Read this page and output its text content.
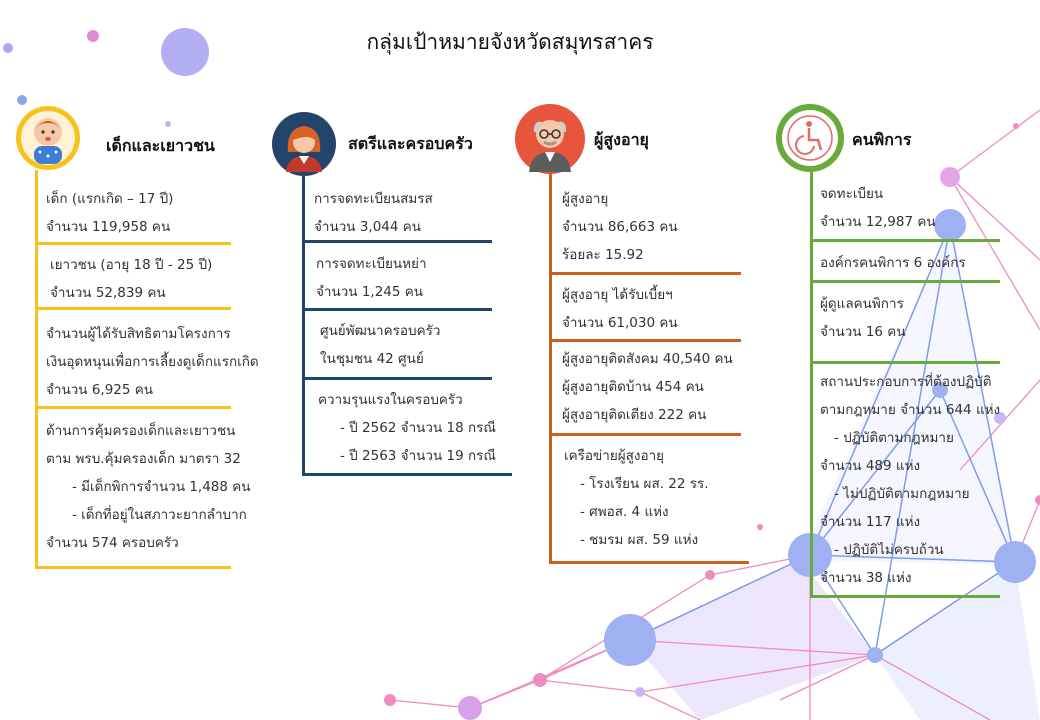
กลุ่มเป้าหมายจังหวัดสมุทรสาคร
เด็กและเยาวชน
เด็ก (แรกเกิด – 17 ปี)
จำนวน 119,958 คน
เยาวชน (อายุ 18 ปี - 25 ปี)
จำนวน 52,839 คน
จำนวนผู้ได้รับสิทธิตามโครงการ
เงินอุดหนุนเพื่อการเลี้ยงดูเด็กแรกเกิด
จำนวน 6,925 คน
ด้านการคุ้มครองเด็กและเยาวชน
ตาม พรบ.คุ้มครองเด็ก มาตรา 32
- มีเด็กพิการจำนวน 1,488 คน
- เด็กที่อยู่ในสภาวะยากลำบาก
จำนวน 574 ครอบครัว
สตรีและครอบครัว
การจดทะเบียนสมรส
จำนวน 3,044 คน
การจดทะเบียนหย่า
จำนวน 1,245 คน
ศูนย์พัฒนาครอบครัว
ในชุมชน 42 ศูนย์
ความรุนแรงในครอบครัว
- ปี 2562 จำนวน 18 กรณี
- ปี 2563 จำนวน 19 กรณี
ผู้สูงอายุ
ผู้สูงอายุ
จำนวน 86,663 คน
ร้อยละ 15.92
ผู้สูงอายุ ได้รับเบี้ยฯ
จำนวน 61,030 คน
ผู้สูงอายุติดสังคม 40,540 คน
ผู้สูงอายุติดบ้าน 454 คน
ผู้สูงอายุติดเตียง 222 คน
เครือข่ายผู้สูงอายุ
- โรงเรียน ผส. 22 รร.
- ศพอส. 4 แห่ง
- ชมรม ผส. 59 แห่ง
คนพิการ
จดทะเบียน
จำนวน 12,987 คน
องค์กรคนพิการ 6 องค์กร
ผู้ดูแลคนพิการ
จำนวน 16 คน
สถานประกอบการที่ต้องปฏิบัติ
ตามกฎหมาย จำนวน 644 แห่ง
- ปฏิบัติตามกฎหมาย
จำนวน 489 แห่ง
- ไม่ปฏิบัติตามกฎหมาย
จำนวน 117 แห่ง
- ปฏิบัติไม่ครบถ้วน
จำนวน 38 แห่ง
